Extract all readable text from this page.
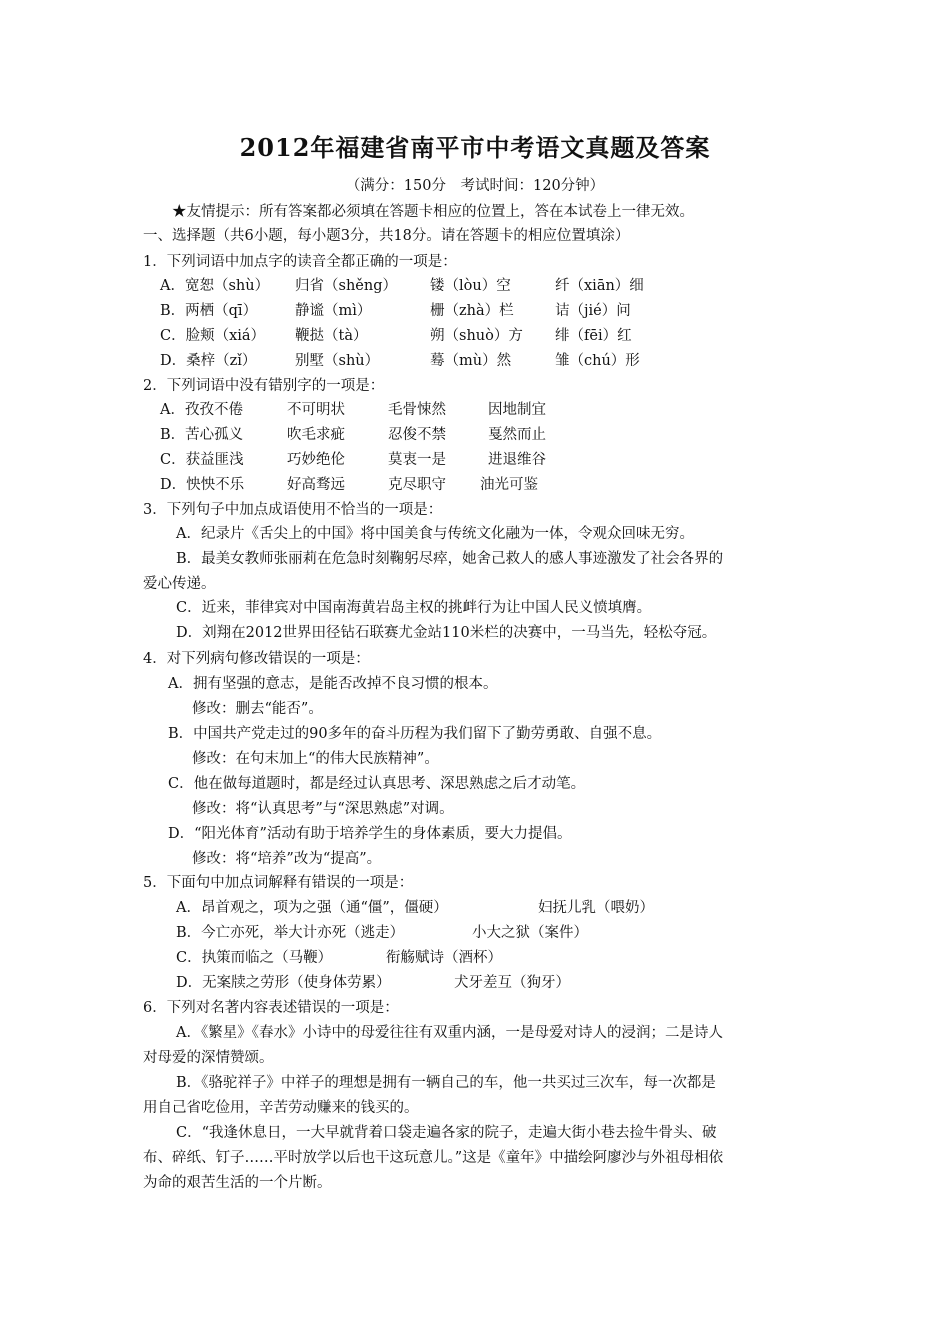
2012年福建省南平市中考语文真题及答案
（满分：150分　考试时间：120分钟）
★友情提示：所有答案都必须填在答题卡相应的位置上，答在本试卷上一律无效。
一、选择题（共6小题，每小题3分，共18分。请在答题卡的相应位置填涂）
1．下列词语中加点字的读音全都正确的一项是：
A．宽恕（shù） 归省（shěng） 镂（lòu）空	纤（xiān）细
B．两栖（qī）	静谧（mì）	栅（zhà）栏	诘（jié）问
C．脸颊（xiá） 鞭挞（tà）	朔（shuò）方 绯（fēi）红
D．桑梓（zǐ）	别墅（shù）	蓦（mù）然	雏（chú）形
2．下列词语中没有错别字的一项是：
A．孜孜不倦	不可明状	毛骨悚然	因地制宜
B．苦心孤义	吹毛求疵	忍俊不禁	戛然而止
C．获益匪浅	巧妙绝伦	莫衷一是	进退维谷
D．怏怏不乐	好高骛远	克尽职守 油光可鉴
3．下列句子中加点成语使用不恰当的一项是：
A．纪录片《舌尖上的中国》将中国美食与传统文化融为一体，令观众回味无穷。
B．最美女教师张丽莉在危急时刻鞠躬尽瘁，她舍己救人的感人事迹激发了社会各界的
爱心传递。
C．近来，菲律宾对中国南海黄岩岛主权的挑衅行为让中国人民义愤填膺。
D．刘翔在2012世界田径钻石联赛尤金站110米栏的决赛中，一马当先，轻松夺冠。
4．对下列病句修改错误的一项是：
A．拥有坚强的意志，是能否改掉不良习惯的根本。
修改：删去“能否”。
B．中国共产党走过的90多年的奋斗历程为我们留下了勤劳勇敢、自强不息。
修改：在句末加上“的伟大民族精神”。
C．他在做每道题时，都是经过认真思考、深思熟虑之后才动笔。
修改：将“认真思考”与“深思熟虑”对调。
D．“阳光体育”活动有助于培养学生的身体素质，要大力提倡。
修改：将“培养”改为“提高”。
5．下面句中加点词解释有错误的一项是：
A．昂首观之，项为之强（通“僵”，僵硬）	妇抚儿乳（喂奶）
B．今亡亦死，举大计亦死（逃走）	小大之狱（案件）
C．执策而临之（马鞭）	衔觞赋诗（酒杯）
D．无案牍之劳形（使身体劳累）	犬牙差互（狗牙）
6．下列对名著内容表述错误的一项是：
A．《繁星》《春水》小诗中的母爱往往有双重内涵，一是母爱对诗人的浸润；二是诗人
对母爱的深情赞颂。
B．《骆驼祥子》中祥子的理想是拥有一辆自己的车，他一共买过三次车，每一次都是
用自己省吃俭用，辛苦劳动赚来的钱买的。
C．“我逢休息日，一大早就背着口袋走遍各家的院子，走遍大街小巷去捡牛骨头、破
布、碎纸、钉子……平时放学以后也干这玩意儿。”这是《童年》中描绘阿廖沙与外祖母相依
为命的艰苦生活的一个片断。
